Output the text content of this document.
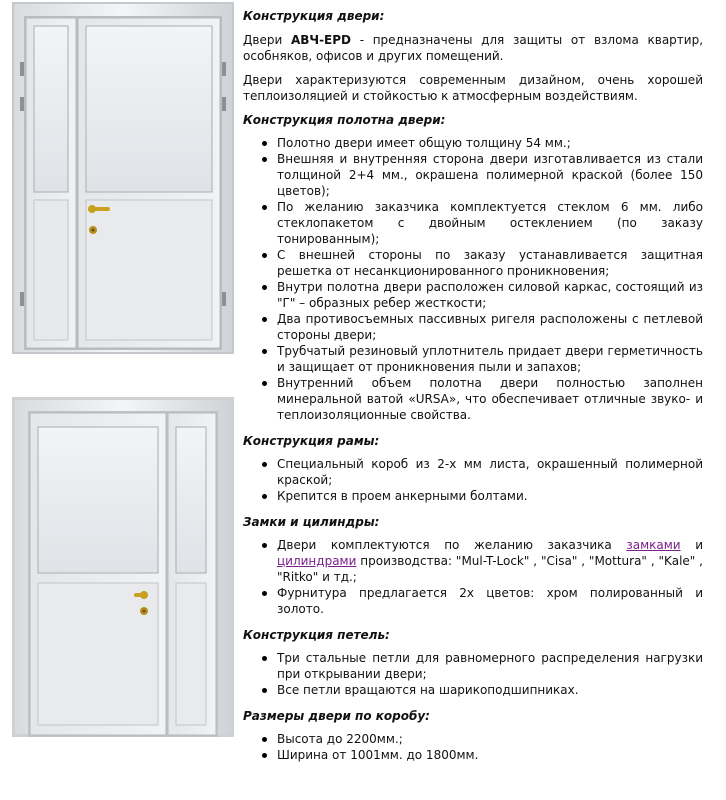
Конструкция двери:

Двери АВЧ-EPD - предназначены для защиты от взлома квартир, особняков, офисов и других помещений.

Двери характеризуются современным дизайном, очень хорошей теплоизоляцией и стойкостью к атмосферным воздействиям.

Конструкция полотна двери:

Полотно двери имеет общую толщину 54 мм.;
Внешняя и внутренняя сторона двери изготавливается из стали толщиной 2+4 мм., окрашена полимерной краской (более 150 цветов);
По желанию заказчика комплектуется стеклом 6 мм. либо стеклопакетом с двойным остеклением (по заказу тонированным);
С внешней стороны по заказу устанавливается защитная решетка от несанкционированного проникновения;
Внутри полотна двери расположен силовой каркас, состоящий из "Г" – образных ребер жесткости;
Два противосъемных пассивных ригеля расположены с петлевой стороны двери;
Трубчатый резиновый уплотнитель придает двери герметичность и защищает от проникновения пыли и запахов;
Внутренний объем полотна двери полностью заполнен минеральной ватой «URSA», что обеспечивает отличные звуко- и теплоизоляционные свойства.

Конструкция рамы:

Специальный короб из 2-х мм листа, окрашенный полимерной краской;
Крепится в проем анкерными болтами.

Замки и цилиндры:

Двери комплектуются по желанию заказчика замками и цилиндрами производства: "Mul-T-Lock" , "Cisa" , "Mottura" , "Kale" , "Ritko" и тд.;
Фурнитура предлагается 2х цветов: хром полированный и золото.

Конструкция петель:

Три стальные петли для равномерного распределения нагрузки при открывании двери;
Все петли вращаются на шарикоподшипниках.

Размеры двери по коробу:

Высота до 2200мм.;
Ширина от 1001мм. до 1800мм.
